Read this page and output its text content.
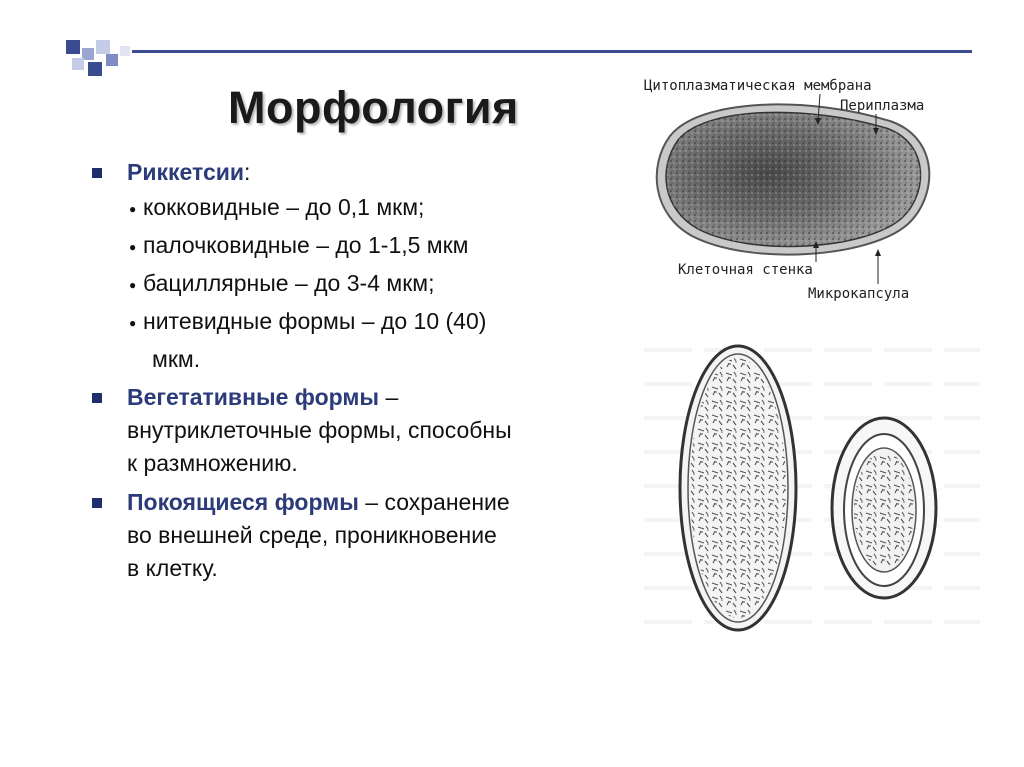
Морфология
Риккетсии:
● кокковидные – до 0,1 мкм;
● палочковидные – до 1-1,5 мкм
● бациллярные – до 3-4 мкм;
● нитевидные формы – до 10 (40)
мкм.
Вегетативные формы –
внутриклеточные формы, способны
к размножению.
Покоящиеся формы – сохранение
во внешней среде, проникновение
в клетку.
Цитоплазматическая мембрана
Периплазма
Клеточная стенка
Микрокапсула
